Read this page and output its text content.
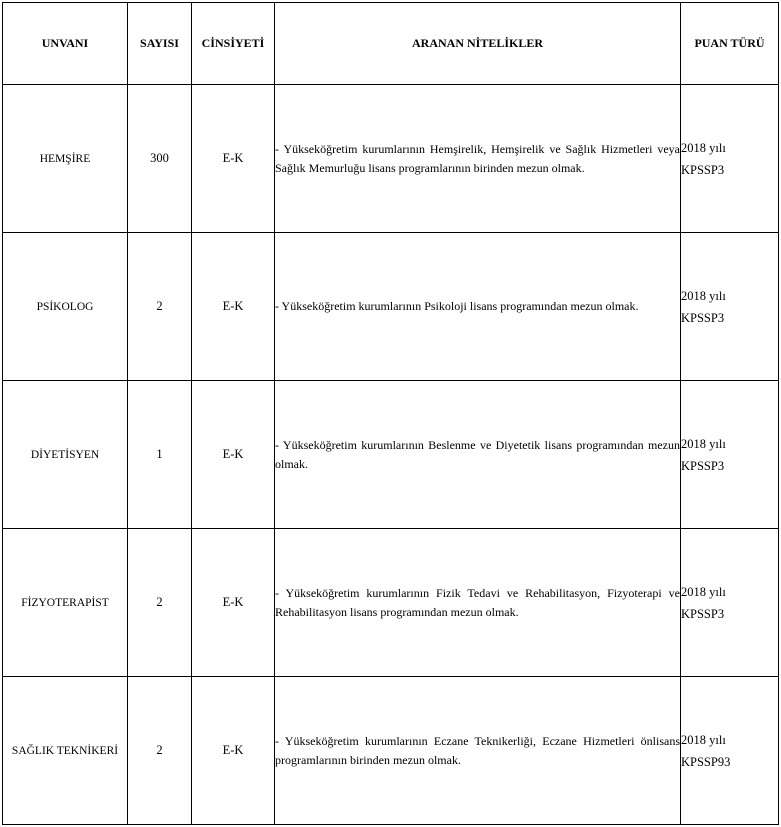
UNVANI	SAYISI	CİNSİYETİ	ARANAN NİTELİKLER	PUAN TÜRÜ
HEMŞİRE	300	E-K	- Yükseköğretim kurumlarının Hemşirelik, Hemşirelik ve Sağlık Hizmetleri veya Sağlık Memurluğu lisans programlarının birinden mezun olmak.	2018 yılı
KPSSP3

PSİKOLOG	2	E-K	- Yükseköğretim kurumlarının Psikoloji lisans programından mezun olmak.	2018 yılı
KPSSP3

DİYETİSYEN	1	E-K	- Yükseköğretim kurumlarının Beslenme ve Diyetetik lisans programından mezun olmak.	2018 yılı
KPSSP3

FİZYOTERAPİST	2	E-K	- Yükseköğretim kurumlarının Fizik Tedavi ve Rehabilitasyon, Fizyoterapi ve Rehabilitasyon lisans programından mezun olmak.	2018 yılı
KPSSP3

SAĞLIK TEKNİKERİ	2	E-K	- Yükseköğretim kurumlarının Eczane Teknikerliği, Eczane Hizmetleri önlisans programlarının birinden mezun olmak.	2018 yılı
KPSSP93
